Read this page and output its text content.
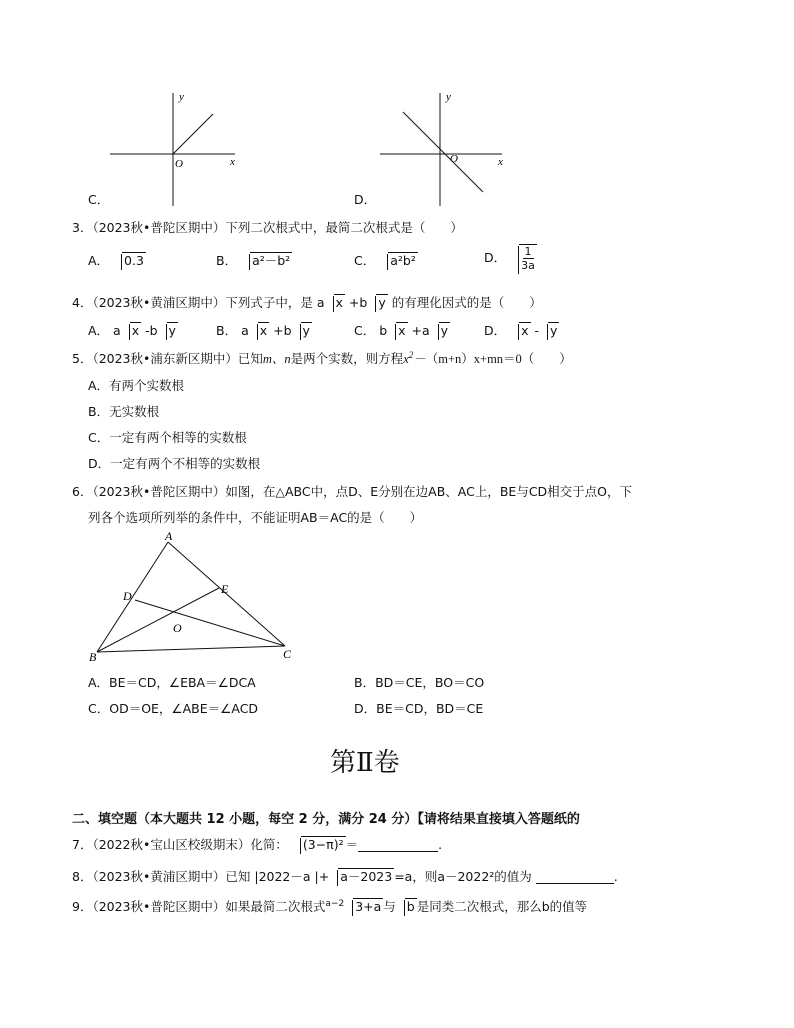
y
x
O
C．
y
x
O
D．
3．（2023秋•普陀区期中）下列二次根式中，最简二次根式是（　　）
A． 0.3	B． a²－b²	C． a²b²	D． $\frac{1}{3a}$
4．（2023秋•黄浦区期中）下列式子中，是 a x +b y 的有理化因式的是（　　）
A． a x -b y	B． a x +b y	C． b x +a y	D． x - y
5．（2023秋•浦东新区期中）已知m、n是两个实数，则方程$x^2-(m+n)x+mn=0$（　　）
A．有两个实数根
B．无实数根
C．一定有两个相等的实数根
D．一定有两个不相等的实数根
6．（2023秋•普陀区期中）如图，在△ABC中，点D、E分别在边AB、AC上，BE与CD相交于点O，下
列各个选项所列举的条件中，不能证明AB＝AC的是（　　）
A
B	C
D	E
O
A．BE＝CD，∠EBA＝∠DCA	B．BD＝CE，BO＝CO
C．OD＝OE，∠ABE＝∠ACD	D．BE＝CD，BD＝CE
第Ⅱ卷
二、填空题（本大题共 12 小题，每空 2 分，满分 24 分）【请将结果直接填入答题纸的
7．（2022秋•宝山区校级期末）化简： (3−π)² ＝	.
8．（2023秋•黄浦区期中）已知 |2022－a |+ a－2023 =a，则a－2022²的值为	.
9．（2023秋•普陀区期中）如果最简二次根式$^{a-2}$ 3+a 与 b 是同类二次根式，那么b的值等
